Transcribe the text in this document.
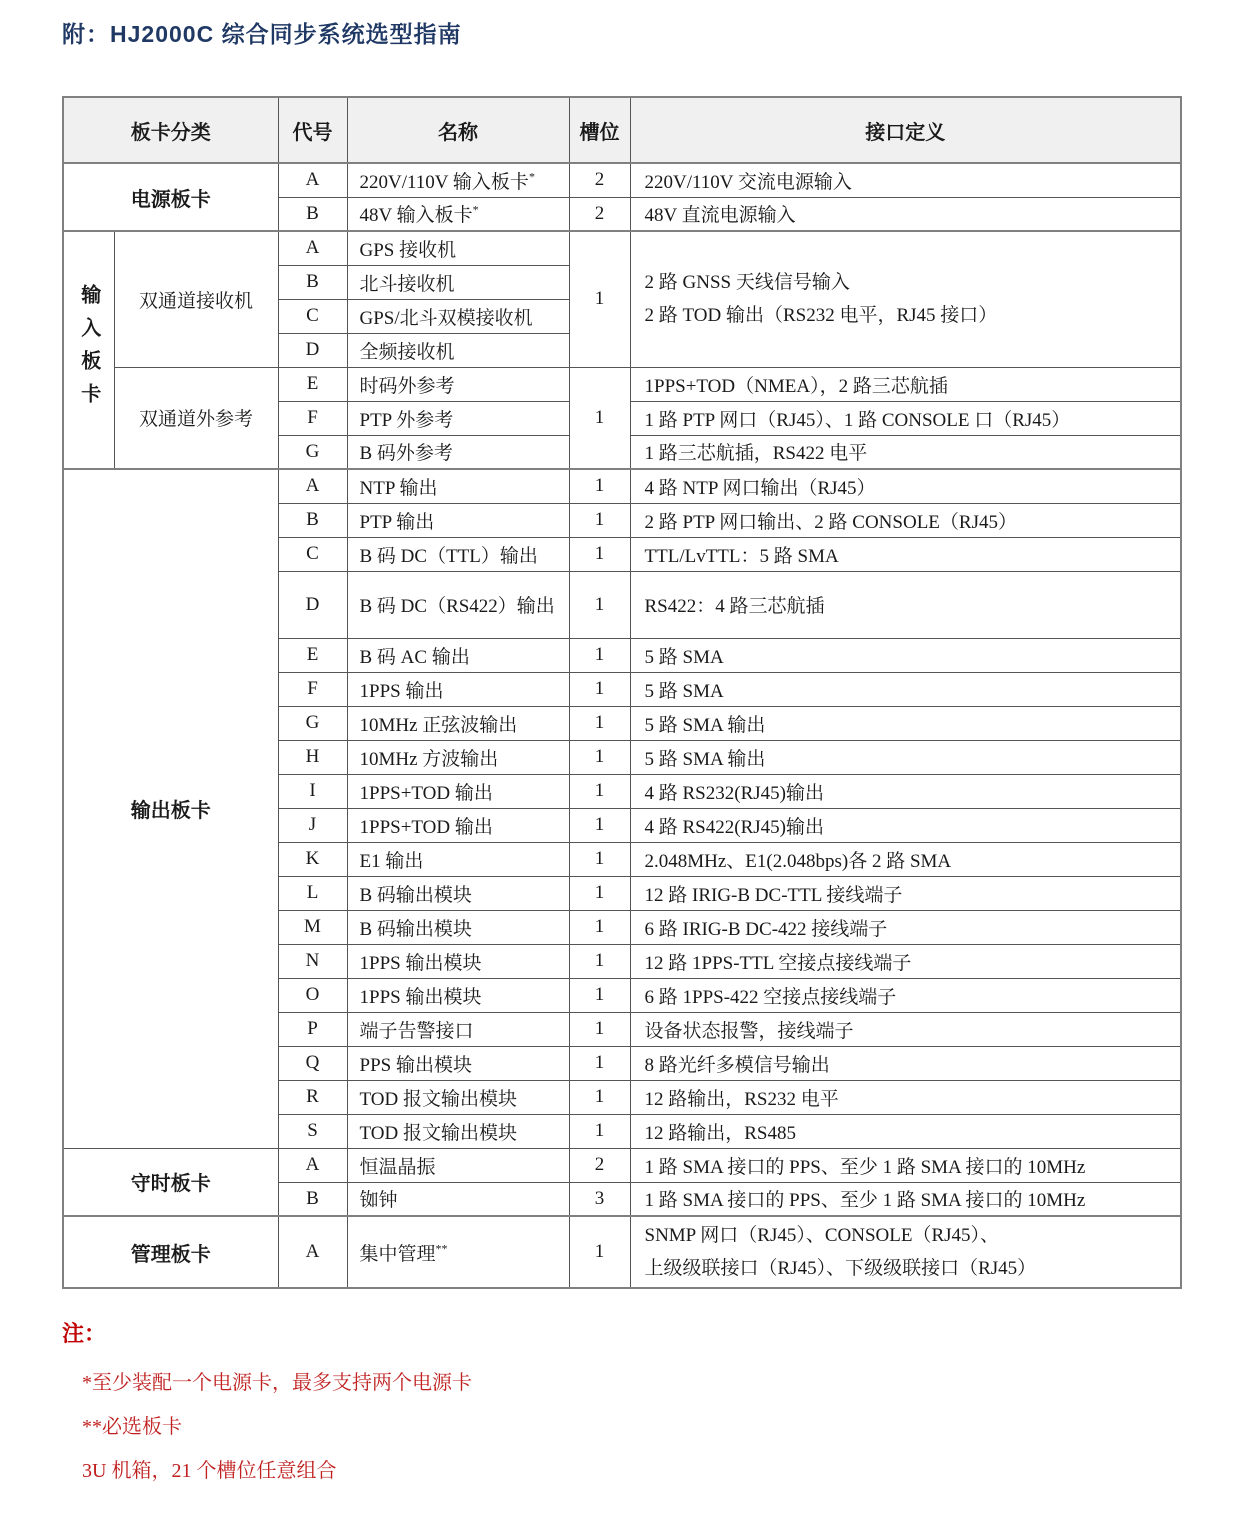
附：HJ2000C 综合同步系统选型指南
板卡分类		代号	名称	槽位	接口定义
电源板卡		A	220V/110V 输入板卡*	2	220V/110V 交流电源输入
		B	48V 输入板卡*	2	48V 直流电源输入

输入板卡	双通道接收机	A	GPS 接收机	1	2 路 GNSS 天线信号输入
2 路 TOD 输出（RS232 电平，RJ45 接口）

		B	北斗接收机		
		C	GPS/北斗双模接收机		
		D	全频接收机		
	双通道外参考	E	时码外参考	1	1PPS+TOD（NMEA），2 路三芯航插
		F	PTP 外参考		1 路 PTP 网口（RJ45）、1 路 CONSOLE 口（RJ45）
		G	B 码外参考		1 路三芯航插，RS422 电平
输出板卡		A	NTP 输出	1	4 路 NTP 网口输出（RJ45）
		B	PTP 输出	1	2 路 PTP 网口输出、2 路 CONSOLE（RJ45）
		C	B 码 DC（TTL）输出	1	TTL/LvTTL：5 路 SMA
		D	B 码 DC（RS422）输出	1	RS422：4 路三芯航插
		E	B 码 AC 输出	1	5 路 SMA
		F	1PPS 输出	1	5 路 SMA
		G	10MHz 正弦波输出	1	5 路 SMA 输出
		H	10MHz 方波输出	1	5 路 SMA 输出
		I	1PPS+TOD 输出	1	4 路 RS232(RJ45)输出
		J	1PPS+TOD 输出	1	4 路 RS422(RJ45)输出
		K	E1 输出	1	2.048MHz、E1(2.048bps)各 2 路 SMA
		L	B 码输出模块	1	12 路 IRIG-B DC-TTL 接线端子
		M	B 码输出模块	1	6 路 IRIG-B DC-422 接线端子
		N	1PPS 输出模块	1	12 路 1PPS-TTL 空接点接线端子
		O	1PPS 输出模块	1	6 路 1PPS-422 空接点接线端子
		P	端子告警接口	1	设备状态报警，接线端子
		Q	PPS 输出模块	1	8 路光纤多模信号输出
		R	TOD 报文输出模块	1	12 路输出，RS232 电平
		S	TOD 报文输出模块	1	12 路输出，RS485
守时板卡		A	恒温晶振	2	1 路 SMA 接口的 PPS、至少 1 路 SMA 接口的 10MHz
		B	铷钟	3	1 路 SMA 接口的 PPS、至少 1 路 SMA 接口的 10MHz
管理板卡		A	集中管理**	1	SNMP 网口（RJ45）、CONSOLE（RJ45）、
上级级联接口（RJ45）、下级级联接口（RJ45）
注：
*至少装配一个电源卡，最多支持两个电源卡
**必选板卡
3U 机箱，21 个槽位任意组合
